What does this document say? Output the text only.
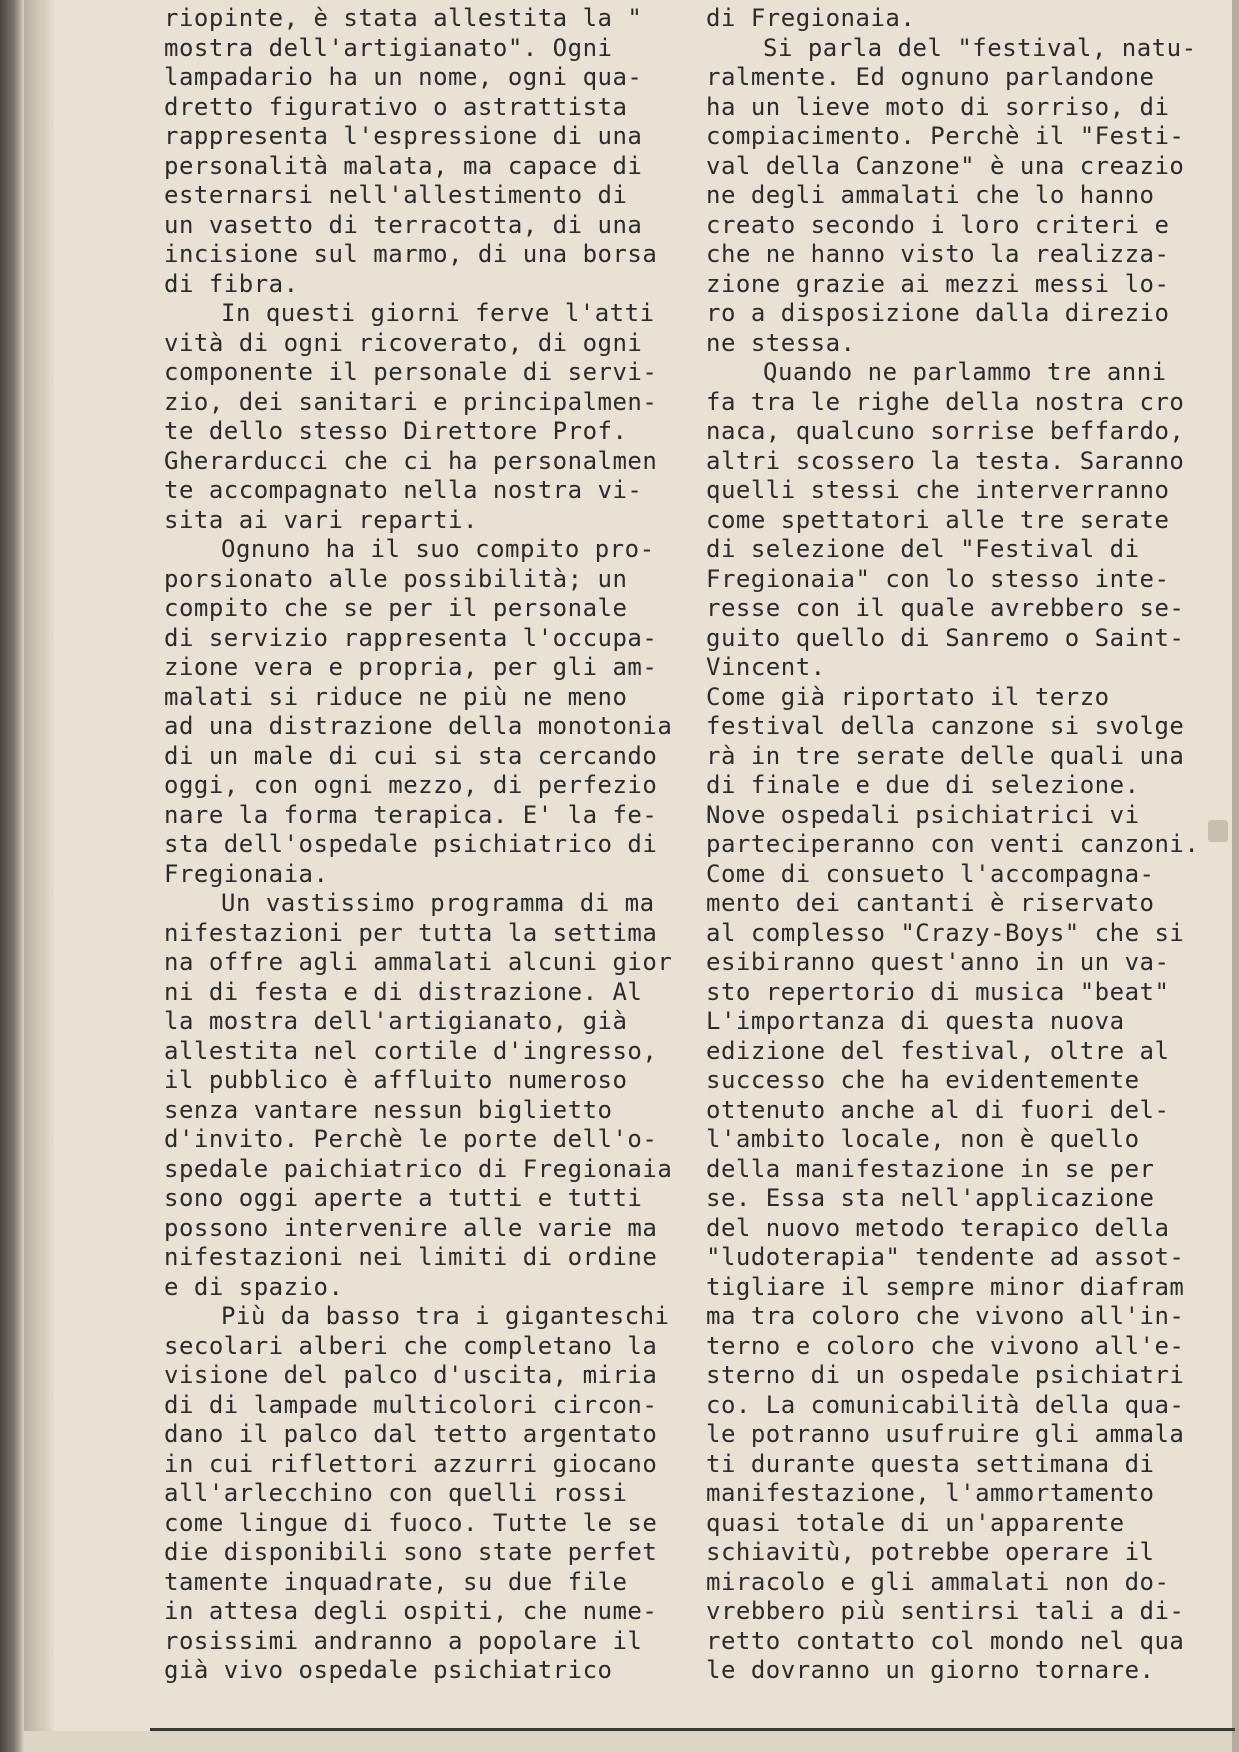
riopinte, è stata allestita la "
mostra dell'artigianato". Ogni
lampadario ha un nome, ogni qua-
dretto figurativo o astrattista
rappresenta l'espressione di una
personalità malata, ma capace di
esternarsi nell'allestimento di
un vasetto di terracotta, di una
incisione sul marmo, di una borsa
di fibra.
In questi giorni ferve l'atti
vità di ogni ricoverato, di ogni
componente il personale di servi-
zio, dei sanitari e principalmen-
te dello stesso Direttore Prof.
Gherarducci che ci ha personalmen
te accompagnato nella nostra vi-
sita ai vari reparti.
Ognuno ha il suo compito pro-
porsionato alle possibilità; un
compito che se per il personale
di servizio rappresenta l'occupa-
zione vera e propria, per gli am-
malati si riduce ne più ne meno
ad una distrazione della monotonia
di un male di cui si sta cercando
oggi, con ogni mezzo, di perfezio
nare la forma terapica. E' la fe-
sta dell'ospedale psichiatrico di
Fregionaia.
Un vastissimo programma di ma
nifestazioni per tutta la settima
na offre agli ammalati alcuni gior
ni di festa e di distrazione. Al
la mostra dell'artigianato, già
allestita nel cortile d'ingresso,
il pubblico è affluito numeroso
senza vantare nessun biglietto
d'invito. Perchè le porte dell'o-
spedale paichiatrico di Fregionaia
sono oggi aperte a tutti e tutti
possono intervenire alle varie ma
nifestazioni nei limiti di ordine
e di spazio.
Più da basso tra i giganteschi
secolari alberi che completano la
visione del palco d'uscita, miria
di di lampade multicolori circon-
dano il palco dal tetto argentato
in cui riflettori azzurri giocano
all'arlecchino con quelli rossi
come lingue di fuoco. Tutte le se
die disponibili sono state perfet
tamente inquadrate, su due file
in attesa degli ospiti, che nume-
rosissimi andranno a popolare il
già vivo ospedale psichiatrico
di Fregionaia.
Si parla del "festival, natu-
ralmente. Ed ognuno parlandone
ha un lieve moto di sorriso, di
compiacimento. Perchè il "Festi-
val della Canzone" è una creazio
ne degli ammalati che lo hanno
creato secondo i loro criteri e
che ne hanno visto la realizza-
zione grazie ai mezzi messi lo-
ro a disposizione dalla direzio
ne stessa.
Quando ne parlammo tre anni
fa tra le righe della nostra cro
naca, qualcuno sorrise beffardo,
altri scossero la testa. Saranno
quelli stessi che interverranno
come spettatori alle tre serate
di selezione del "Festival di
Fregionaia" con lo stesso inte-
resse con il quale avrebbero se-
guito quello di Sanremo o Saint-
Vincent.
Come già riportato il terzo
festival della canzone si svolge
rà in tre serate delle quali una
di finale e due di selezione.
Nove ospedali psichiatrici vi
parteciperanno con venti canzoni.
Come di consueto l'accompagna-
mento dei cantanti è riservato
al complesso "Crazy-Boys" che si
esibiranno quest'anno in un va-
sto repertorio di musica "beat"
L'importanza di questa nuova
edizione del festival, oltre al
successo che ha evidentemente
ottenuto anche al di fuori del-
l'ambito locale, non è quello
della manifestazione in se per
se. Essa sta nell'applicazione
del nuovo metodo terapico della
"ludoterapia" tendente ad assot-
tigliare il sempre minor diafram
ma tra coloro che vivono all'in-
terno e coloro che vivono all'e-
sterno di un ospedale psichiatri
co. La comunicabilità della qua-
le potranno usufruire gli ammala
ti durante questa settimana di
manifestazione, l'ammortamento
quasi totale di un'apparente
schiavitù, potrebbe operare il
miracolo e gli ammalati non do-
vrebbero più sentirsi tali a di-
retto contatto col mondo nel qua
le dovranno un giorno tornare.
